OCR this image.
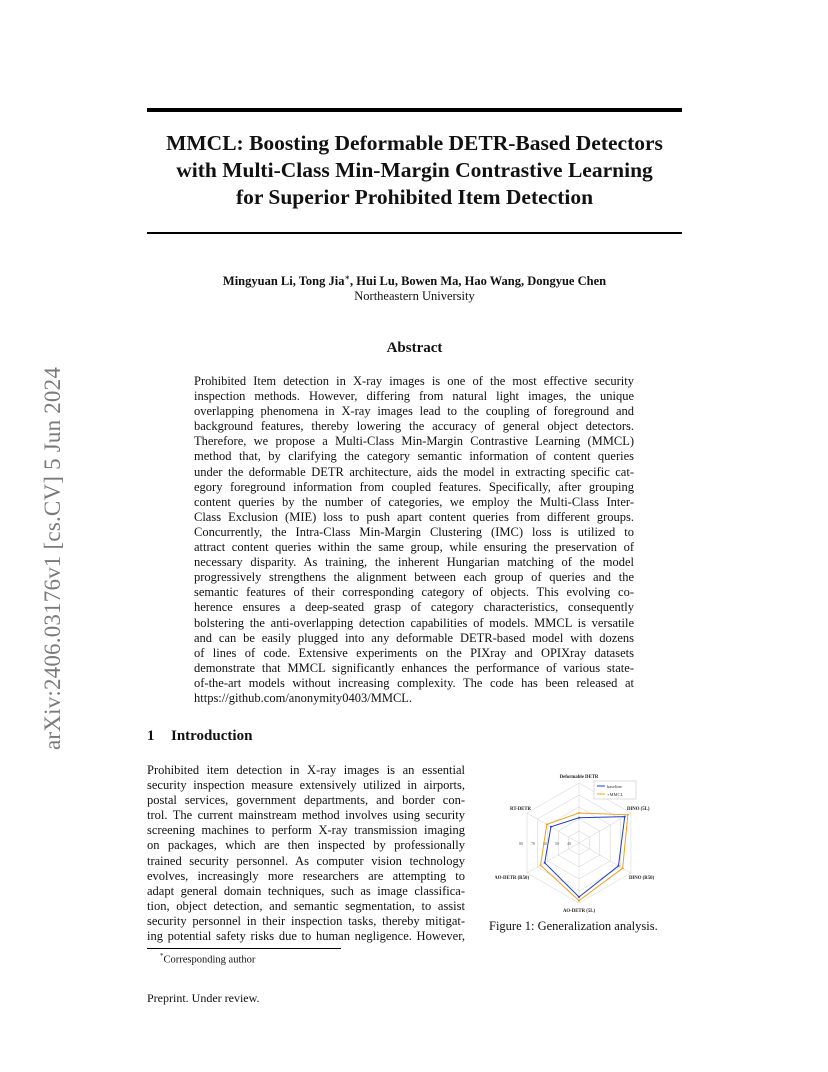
arXiv:2406.03176v1 [cs.CV] 5 Jun 2024
MMCL: Boosting Deformable DETR-Based Detectors
with Multi-Class Min-Margin Contrastive Learning
for Superior Prohibited Item Detection
Mingyuan Li, Tong Jia∗, Hui Lu, Bowen Ma, Hao Wang, Dongyue Chen
Northeastern University
Abstract
Prohibited Item detection in X-ray images is one of the most effective security
inspection methods. However, differing from natural light images, the unique
overlapping phenomena in X-ray images lead to the coupling of foreground and
background features, thereby lowering the accuracy of general object detectors.
Therefore, we propose a Multi-Class Min-Margin Contrastive Learning (MMCL)
method that, by clarifying the category semantic information of content queries
under the deformable DETR architecture, aids the model in extracting specific cat-
egory foreground information from coupled features. Specifically, after grouping
content queries by the number of categories, we employ the Multi-Class Inter-
Class Exclusion (MIE) loss to push apart content queries from different groups.
Concurrently, the Intra-Class Min-Margin Clustering (IMC) loss is utilized to
attract content queries within the same group, while ensuring the preservation of
necessary disparity. As training, the inherent Hungarian matching of the model
progressively strengthens the alignment between each group of queries and the
semantic features of their corresponding category of objects. This evolving co-
herence ensures a deep-seated grasp of category characteristics, consequently
bolstering the anti-overlapping detection capabilities of models. MMCL is versatile
and can be easily plugged into any deformable DETR-based model with dozens
of lines of code. Extensive experiments on the PIXray and OPIXray datasets
demonstrate that MMCL significantly enhances the performance of various state-
of-the-art models without increasing complexity. The code has been released at
https://github.com/anonymity0403/MMCL.
1 Introduction
Prohibited item detection in X-ray images is an essential
security inspection measure extensively utilized in airports,
postal services, government departments, and border con-
trol. The current mainstream method involves using security
screening machines to perform X-ray transmission imaging
on packages, which are then inspected by professionally
trained security personnel. As computer vision technology
evolves, increasingly more researchers are attempting to
adapt general domain techniques, such as image classifica-
tion, object detection, and semantic segmentation, to assist
security personnel in their inspection tasks, thereby mitigat-
ing potential safety risks due to human negligence. However,
80 70 60 50 40
Deformable DETR
DINO (5L)
DINO (R50)
AO-DETR (5L)
AO-DETR (R50)
RT-DETR
baseline
+MMCL
Figure 1: Generalization analysis.
*Corresponding author
Preprint. Under review.
